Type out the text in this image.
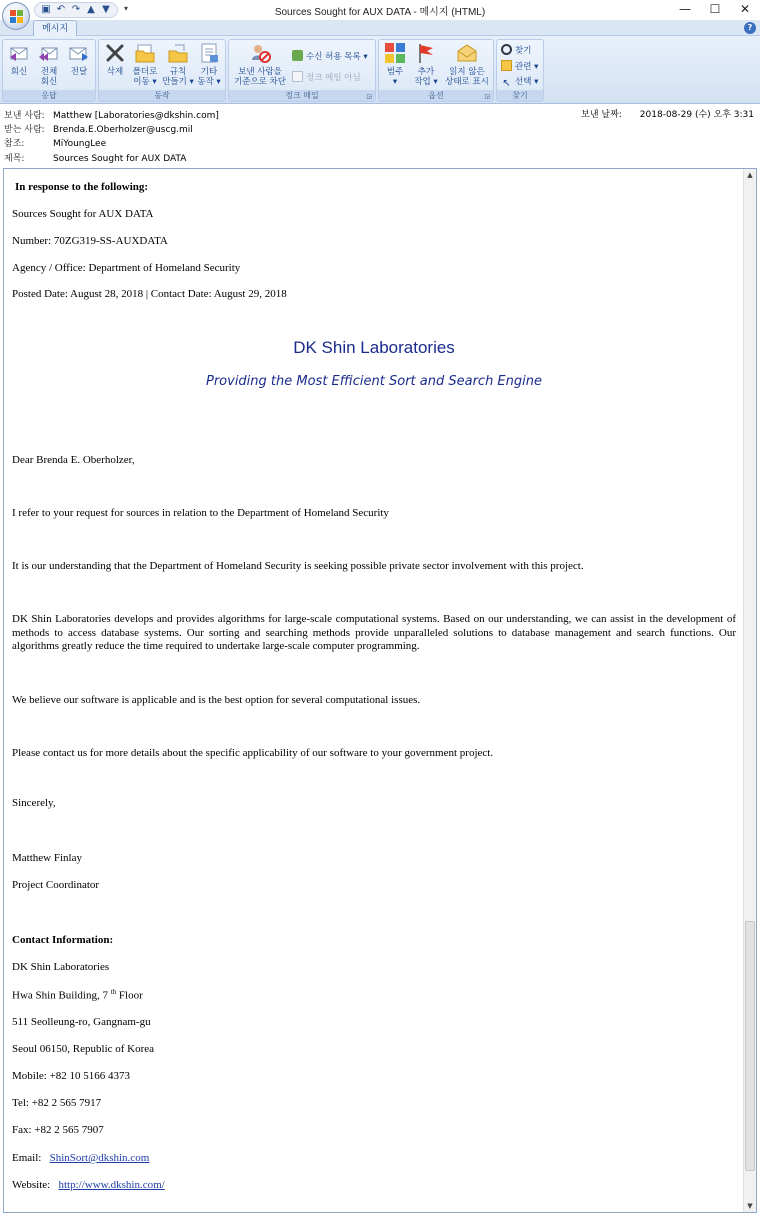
▣ ↶ ↷ ▲ ▼ ▾	Sources Sought for AUX DATA - 메시지 (HTML)	—	☐	✕
메시지	?
회신	전체
회신
전달
응답
삭제	폴더로
이동 ▾
규칙
만들기 ▾
기타
동작 ▾
동작
보낸 사람을
기준으로 차단
수신 허용 목록 ▾
정크 메일 아님
정크 메일	◲
범주
▾
추가
작업 ▾
읽지 않은
상태로 표시
옵션	◲
찾기
관련 ▾
↖ 선택 ▾
찾기
보낸 사람: Matthew [Laboratories@dkshin.com]
받는 사람: Brenda.E.Oberholzer@uscg.mil
참조:	MiYoungLee
제목:	Sources Sought for AUX DATA
보낸 날짜: 2018-08-29 (수) 오후 3:31
In response to the following:
Sources Sought for AUX DATA
Number: 70ZG319-SS-AUXDATA
Agency / Office: Department of Homeland Security
Posted Date: August 28, 2018 | Contact Date: August 29, 2018
DK Shin Laboratories
Providing the Most Efficient Sort and Search Engine
Dear Brenda E. Oberholzer,
I refer to your request for sources in relation to the Department of Homeland Security
It is our understanding that the Department of Homeland Security is seeking possible private sector involvement with this project.
DK Shin Laboratories develops and provides algorithms for large-scale computational systems. Based on our understanding, we can assist in the development of methods to access database systems. Our sorting and searching methods provide unparalleled solutions to database management and search functions. Our algorithms greatly reduce the time required to undertake large-scale computer programming.
We believe our software is applicable and is the best option for several computational issues.
Please contact us for more details about the specific applicability of our software to your government project.
Sincerely,
Matthew Finlay
Project Coordinator
Contact Information:
DK Shin Laboratories
Hwa Shin Building, 7 $^{th}$ Floor
511 Seolleung-ro, Gangnam-gu
Seoul 06150, Republic of Korea
Mobile: +82 10 5166 4373
Tel: +82 2 565 7917
Fax: +82 2 565 7907
Email: ShinSort@dkshin.com
Website: http://www.dkshin.com/
▲
▼
